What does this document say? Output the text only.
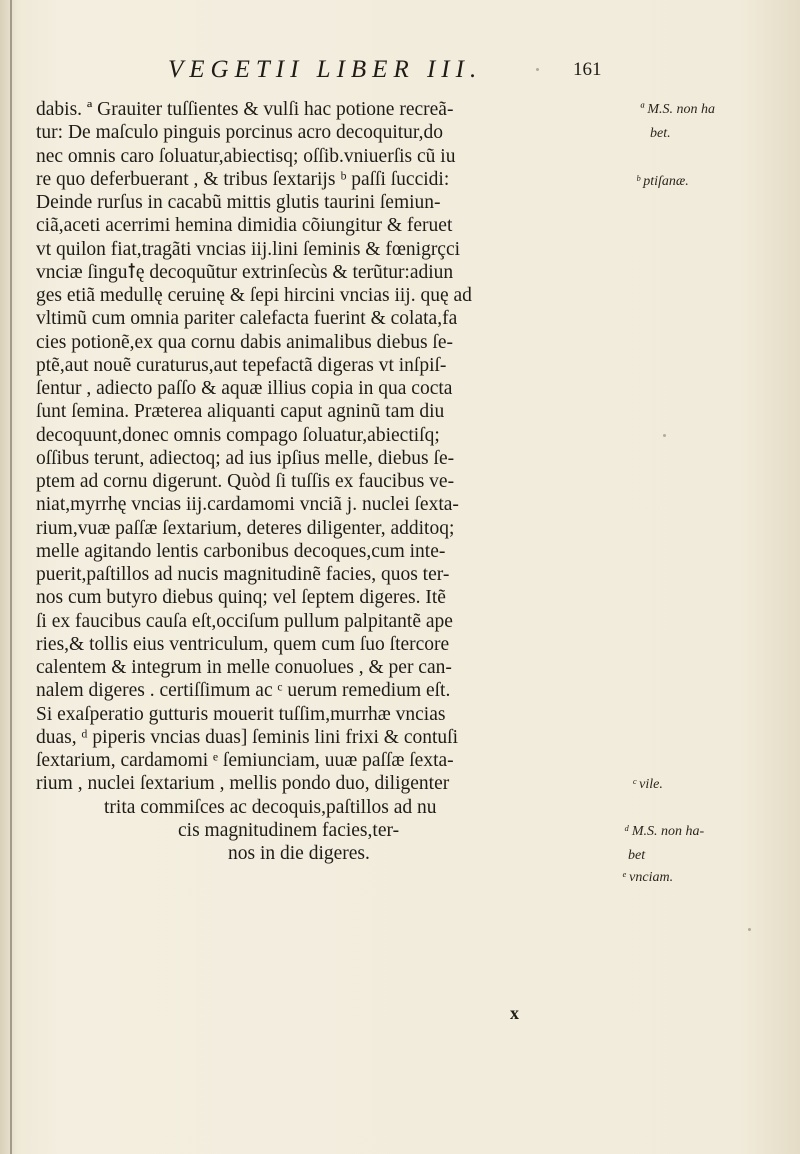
VEGETII LIBER III.	161
dabis. ª Grauiter tuſſientes & vulſi hac potione recreã-
tur: De maſculo pinguis porcinus acro decoquitur,do
nec omnis caro ſoluatur,abiectisq; oſſib.vniuerſis cũ iu
re quo deferbuerant , & tribus ſextarijs ᵇ paſſi ſuccidi:
Deinde rurſus in cacabũ mittis glutis taurini ſemiun-
ciã,aceti acerrimi hemina dimidia cõiungitur & feruet
vt quilon fiat,tragãti vncias iij.lini ſeminis & fœnigrçci
vnciæ ſinguꝉę decoquũtur extrinſecùs & terũtur:adiun
ges etiã medullę ceruinę & ſepi hircini vncias iij. quę ad
vltimũ cum omnia pariter calefacta fuerint & colata,fa
cies potionẽ,ex qua cornu dabis animalibus diebus ſe-
ptẽ,aut nouẽ curaturus,aut tepefactã digeras vt inſpiſ-
ſentur , adiecto paſſo & aquæ illius copia in qua cocta
ſunt ſemina. Præterea aliquanti caput agninũ tam diu
decoquunt,donec omnis compago ſoluatur,abiectiſq;
oſſibus terunt, adiectoq; ad ius ipſius melle, diebus ſe-
ptem ad cornu digerunt. Quòd ſi tuſſis ex faucibus ve-
niat,myrrhę vncias iij.cardamomi vnciã j. nuclei ſexta-
rium,vuæ paſſæ ſextarium, deteres diligenter, additoq;
melle agitando lentis carbonibus decoques,cum inte-
puerit,paſtillos ad nucis magnitudinẽ facies, quos ter-
nos cum butyro diebus quinq; vel ſeptem digeres. Itẽ
ſi ex faucibus cauſa eſt,occiſum pullum palpitantẽ ape
ries,& tollis eius ventriculum, quem cum ſuo ſtercore
calentem & integrum in melle conuolues , & per can-
nalem digeres . certiſſimum ac ᶜ uerum remedium eſt.
Si exaſperatio gutturis mouerit tuſſim,murrhæ vncias
duas, ᵈ piperis vncias duas] ſeminis lini frixi & contuſi
ſextarium, cardamomi ᵉ ſemiunciam, uuæ paſſæ ſexta-
rium , nuclei ſextarium , mellis pondo duo, diligenter
trita commiſces ac decoquis,paſtillos ad nu
cis magnitudinem facies,ter-
nos in die digeres.
ª M.S. non ha
bet.
ᵇ ptiſanæ.
ᶜ vile.
ᵈ M.S. non ha-
bet
ᵉ vnciam.
x
